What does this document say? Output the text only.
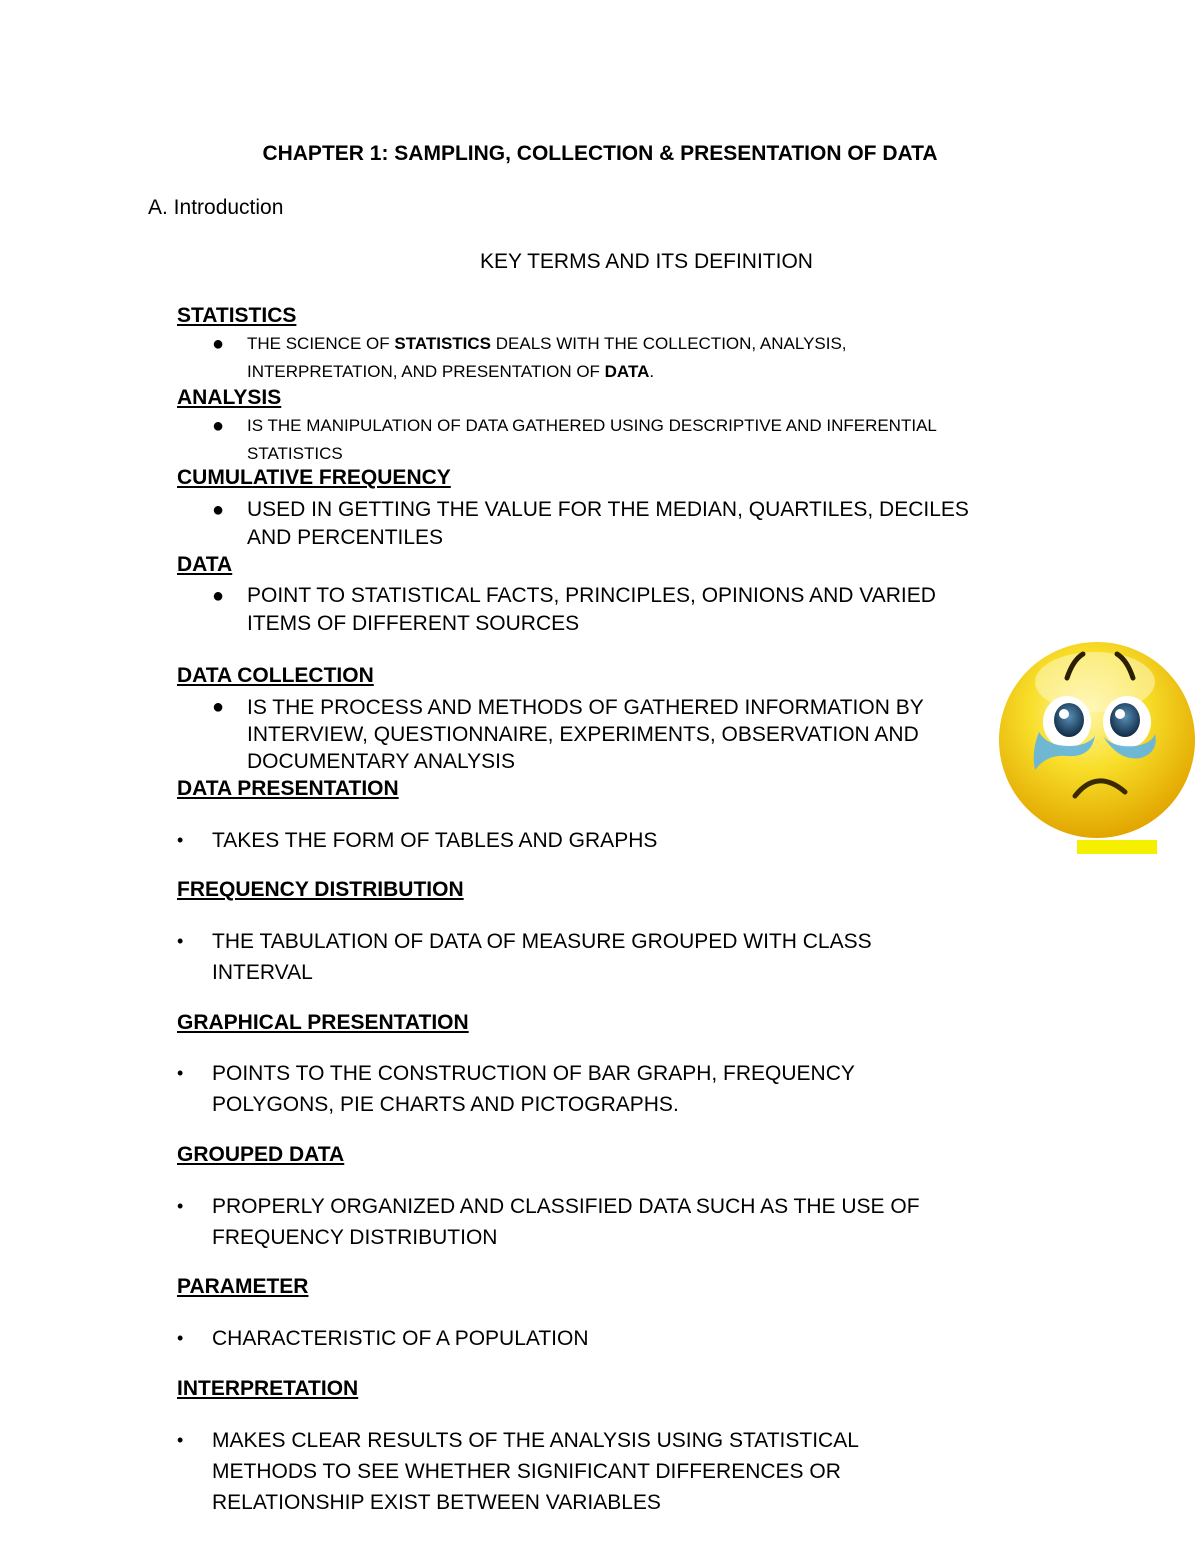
CHAPTER 1: SAMPLING, COLLECTION & PRESENTATION OF DATA
A. Introduction
KEY TERMS AND ITS DEFINITION
STATISTICS
● THE SCIENCE OF STATISTICS DEALS WITH THE COLLECTION, ANALYSIS,
INTERPRETATION, AND PRESENTATION OF DATA.
ANALYSIS
● IS THE MANIPULATION OF DATA GATHERED USING DESCRIPTIVE AND INFERENTIAL
STATISTICS
CUMULATIVE FREQUENCY
● USED IN GETTING THE VALUE FOR THE MEDIAN, QUARTILES, DECILES
AND PERCENTILES
DATA
● POINT TO STATISTICAL FACTS, PRINCIPLES, OPINIONS AND VARIED
ITEMS OF DIFFERENT SOURCES
DATA COLLECTION
● IS THE PROCESS AND METHODS OF GATHERED INFORMATION BY
INTERVIEW, QUESTIONNAIRE, EXPERIMENTS, OBSERVATION AND
DOCUMENTARY ANALYSIS
DATA PRESENTATION
• TAKES THE FORM OF TABLES AND GRAPHS
FREQUENCY DISTRIBUTION
• THE TABULATION OF DATA OF MEASURE GROUPED WITH CLASS
INTERVAL
GRAPHICAL PRESENTATION
• POINTS TO THE CONSTRUCTION OF BAR GRAPH, FREQUENCY
POLYGONS, PIE CHARTS AND PICTOGRAPHS.
GROUPED DATA
• PROPERLY ORGANIZED AND CLASSIFIED DATA SUCH AS THE USE OF
FREQUENCY DISTRIBUTION
PARAMETER
• CHARACTERISTIC OF A POPULATION
INTERPRETATION
• MAKES CLEAR RESULTS OF THE ANALYSIS USING STATISTICAL
METHODS TO SEE WHETHER SIGNIFICANT DIFFERENCES OR
RELATIONSHIP EXIST BETWEEN VARIABLES
